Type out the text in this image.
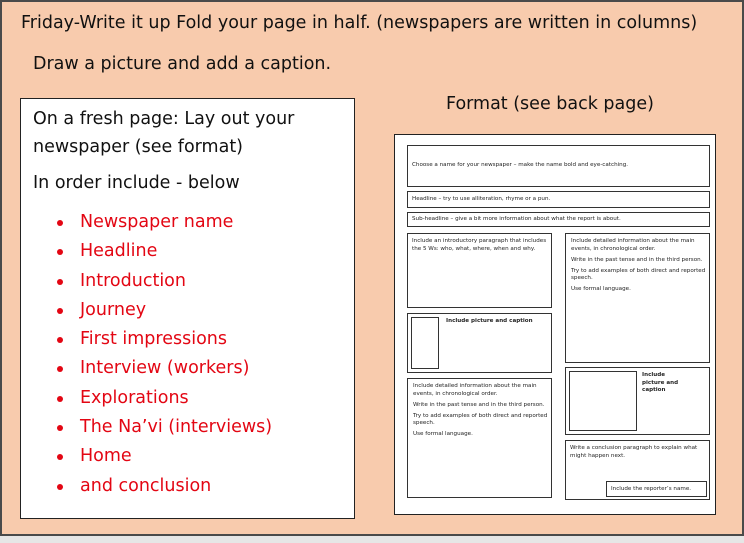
Friday-Write it up Fold your page in half. (newspapers are written in columns)
Draw a picture and add a caption.
On a fresh page: Lay out your newspaper (see format)
In order include - below
Newspaper name
Headline
Introduction
Journey
First impressions
Interview (workers)
Explorations
The Na’vi (interviews)
Home
and conclusion
Format (see back page)
Choose a name for your newspaper – make the name bold and eye-catching.
Headline – try to use alliteration, rhyme or a pun.
Sub-headline – give a bit more information about what the report is about.
Include an introductory paragraph that includes the 5 Ws: who, what, where, when and why.

Include detailed information about the main events, in chronological order.

Write in the past tense and in the third person.

Try to add examples of both direct and reported speech.

Use formal language.

Include picture and caption

Include detailed information about the main events, in chronological order.

Write in the past tense and in the third person.

Try to add examples of both direct and reported speech.

Use formal language.

Include picture and caption
Write a conclusion paragraph to explain what might happen next.
Include the reporter’s name.
